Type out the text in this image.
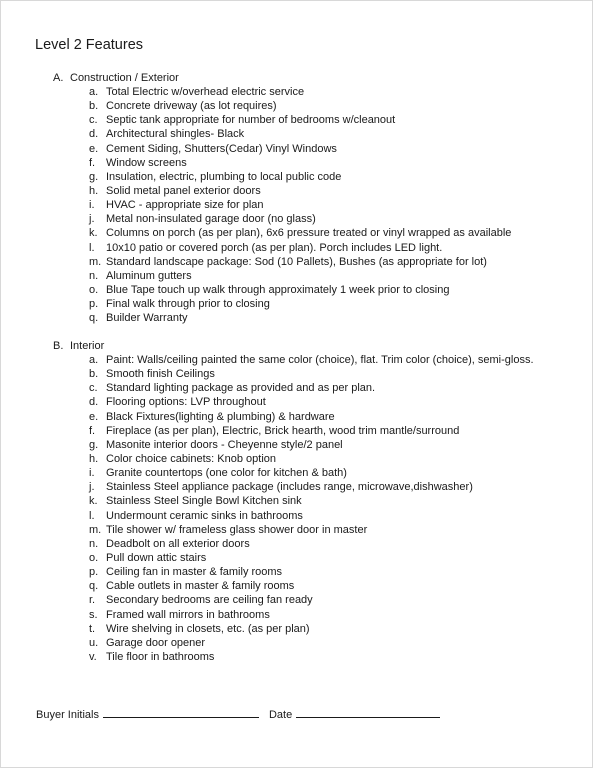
Level 2 Features
A. Construction / Exterior
a. Total Electric w/overhead electric service
b. Concrete driveway (as lot requires)
c. Septic tank appropriate for number of bedrooms w/cleanout
d. Architectural shingles- Black
e. Cement Siding, Shutters(Cedar) Vinyl Windows
f. Window screens
g. Insulation, electric, plumbing to local public code
h. Solid metal panel exterior doors
i.	HVAC - appropriate size for plan
j.	Metal non-insulated garage door (no glass)
k. Columns on porch (as per plan), 6x6 pressure treated or vinyl wrapped as available
l.	10x10 patio or covered porch (as per plan). Porch includes LED light.
m. Standard landscape package: Sod (10 Pallets), Bushes (as appropriate for lot)
n. Aluminum gutters
o. Blue Tape touch up walk through approximately 1 week prior to closing
p. Final walk through prior to closing
q. Builder Warranty
B. Interior
a. Paint: Walls/ceiling painted the same color (choice), flat. Trim color (choice), semi-gloss.
b. Smooth finish Ceilings
c. Standard lighting package as provided and as per plan.
d. Flooring options: LVP throughout
e. Black Fixtures(lighting & plumbing) & hardware
f. Fireplace (as per plan), Electric, Brick hearth, wood trim mantle/surround
g. Masonite interior doors - Cheyenne style/2 panel
h. Color choice cabinets: Knob option
i.	Granite countertops (one color for kitchen & bath)
j.	Stainless Steel appliance package (includes range, microwave,dishwasher)
k. Stainless Steel Single Bowl Kitchen sink
l.	Undermount ceramic sinks in bathrooms
m. Tile shower w/ frameless glass shower door in master
n. Deadbolt on all exterior doors
o. Pull down attic stairs
p. Ceiling fan in master & family rooms
q. Cable outlets in master & family rooms
r. Secondary bedrooms are ceiling fan ready
s. Framed wall mirrors in bathrooms
t. Wire shelving in closets, etc. (as per plan)
u. Garage door opener
v. Tile floor in bathrooms
Buyer Initials	Date
